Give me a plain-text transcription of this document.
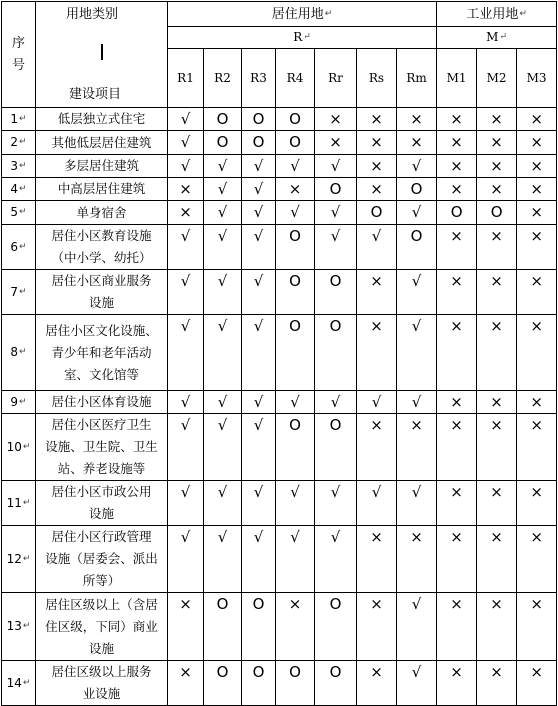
序号	用地类别
建设项目	居住用地↵							工业用地↵
		R↵							M↵
		R1	R2	R3	R4	Rr	Rs	Rm	M1	M2	M3
1↵	低层独立式住宅	√	O	O	O	×	×	×	×	×	×
2↵	其他低层居住建筑	√	O	O	O	×	×	×	×	×	×
3↵	多层居住建筑	√	√	√	√	√	×	√	×	×	×
4↵	中高层居住建筑	×	√	√	×	O	×	O	×	×	×
5↵	单身宿舍	×	√	√	√	√	O	√	O	O	×
6↵	居住小区教育设施
（中小学、幼托）	√	√	√	O	√	√	O	×	×	×
7↵	居住小区商业服务
设施	√	√	√	O	O	×	√	×	×	×
8↵	居住小区文化设施、
青少年和老年活动
室、文化馆等	√	√	√	O	O	×	√	×	×	×
9↵	居住小区体育设施	√	√	√	√	√	√	√	×	×	×
10↵	居住小区医疗卫生
设施、卫生院、卫生
站、养老设施等	√	√	√	O	O	×	×	×	×	×
11↵	居住小区市政公用
设施	√	√	√	√	√	√	√	×	×	×
12↵	居住小区行政管理
设施（居委会、派出
所等）	√	√	√	√	√	×	×	×	×	×
13↵	居住区级以上（含居
住区级，下同）商业
设施	×	O	O	×	O	×	√	×	×	×
14↵	居住区级以上服务
业设施	×	O	O	O	O	×	√	×	×	×
